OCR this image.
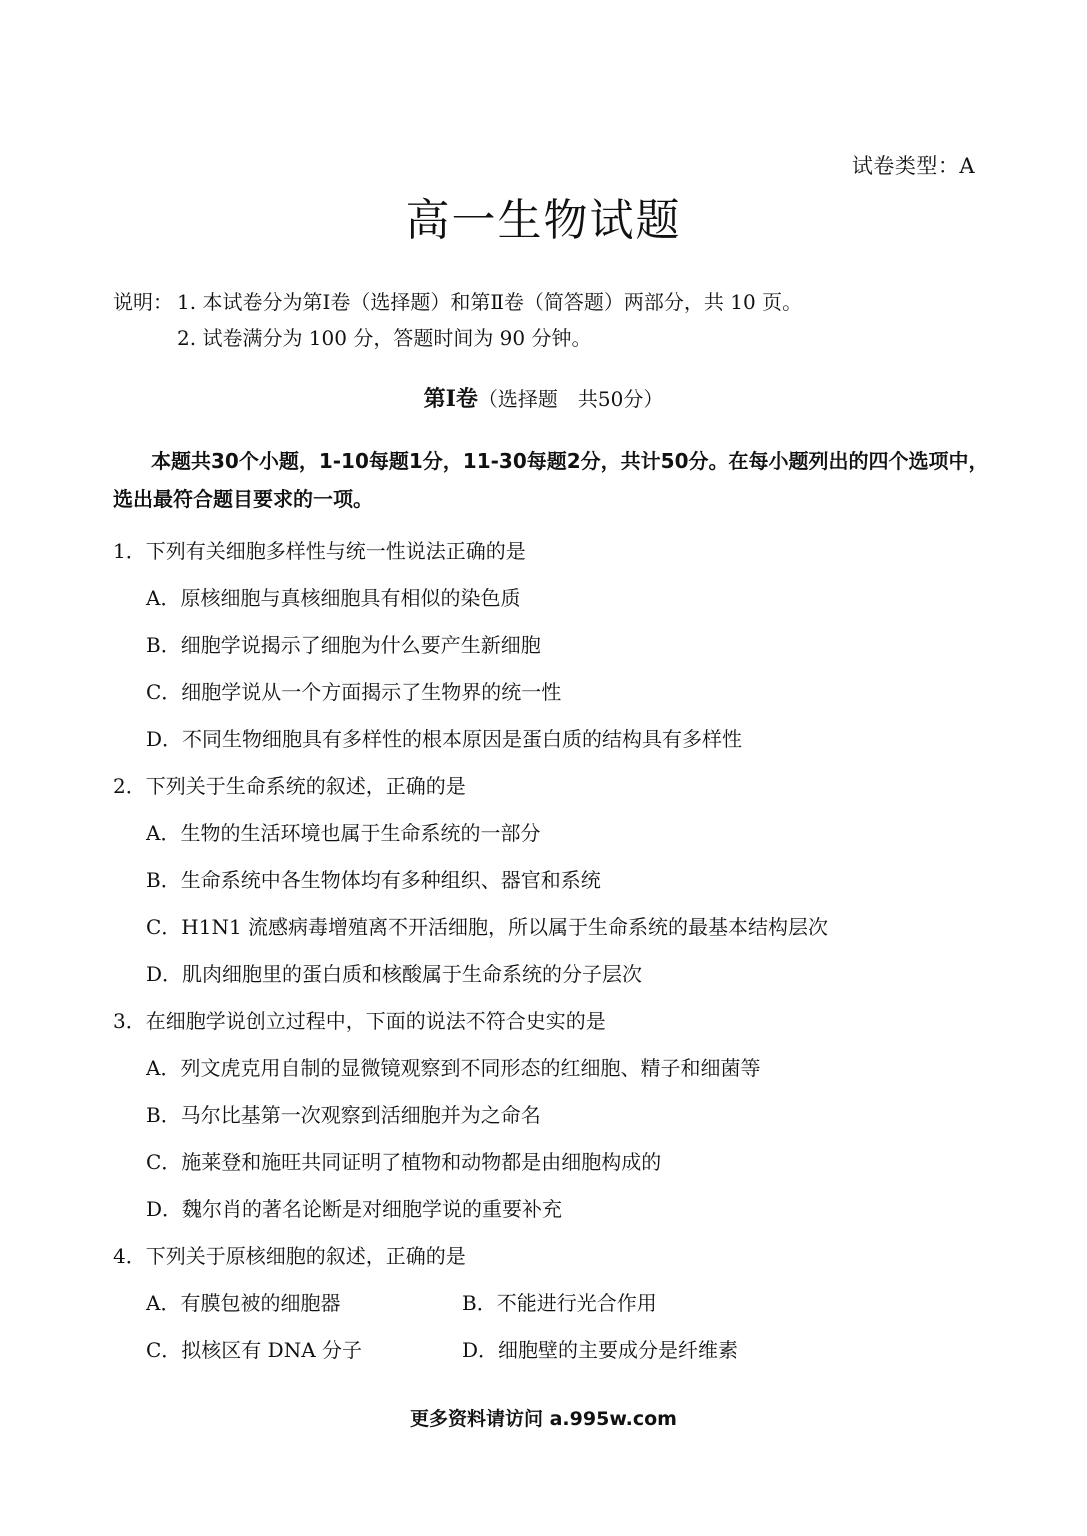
试卷类型：A
高一生物试题
说明： 1. 本试卷分为第Ⅰ卷（选择题）和第Ⅱ卷（简答题）两部分，共 10 页。
2. 试卷满分为 100 分，答题时间为 90 分钟。
第Ⅰ卷（选择题　共50分）
本题共30个小题，1-10每题1分，11-30每题2分，共计50分。在每小题列出的四个选项中，选出最符合题目要求的一项。
1．下列有关细胞多样性与统一性说法正确的是
A．原核细胞与真核细胞具有相似的染色质
B．细胞学说揭示了细胞为什么要产生新细胞
C．细胞学说从一个方面揭示了生物界的统一性
D．不同生物细胞具有多样性的根本原因是蛋白质的结构具有多样性
2．下列关于生命系统的叙述，正确的是
A．生物的生活环境也属于生命系统的一部分
B．生命系统中各生物体均有多种组织、器官和系统
C．H1N1 流感病毒增殖离不开活细胞，所以属于生命系统的最基本结构层次
D．肌肉细胞里的蛋白质和核酸属于生命系统的分子层次
3．在细胞学说创立过程中，下面的说法不符合史实的是
A．列文虎克用自制的显微镜观察到不同形态的红细胞、精子和细菌等
B．马尔比基第一次观察到活细胞并为之命名
C．施莱登和施旺共同证明了植物和动物都是由细胞构成的
D．魏尔肖的著名论断是对细胞学说的重要补充
4．下列关于原核细胞的叙述，正确的是
A．有膜包被的细胞器	B．不能进行光合作用
C．拟核区有 DNA 分子	D．细胞壁的主要成分是纤维素
更多资料请访问 a.995w.com
